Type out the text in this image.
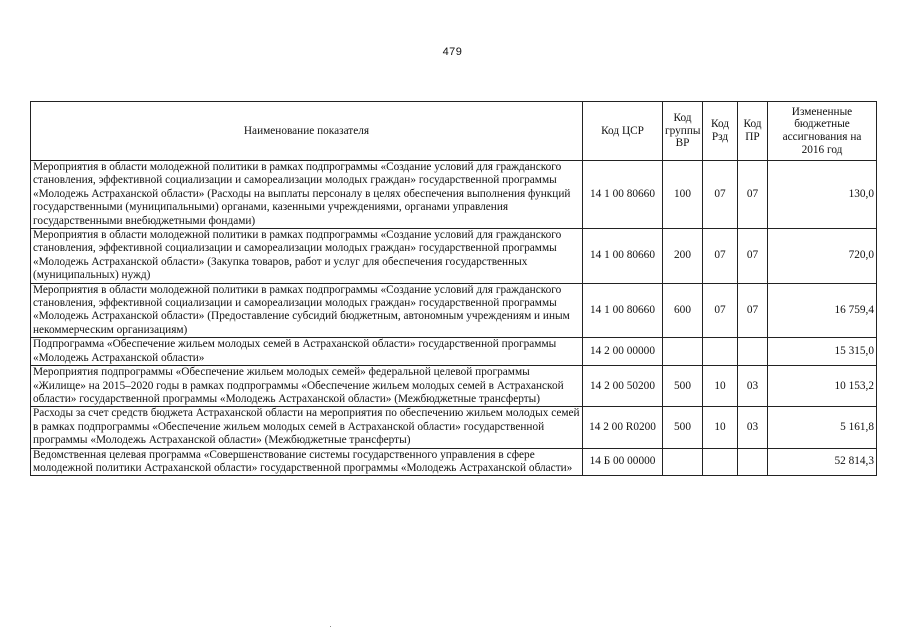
479
Наименование показателя	Код ЦСР	Код группы ВР	Код Рзд	Код ПР	Измененные бюджетные ассигнования на 2016 год
Мероприятия в области молодежной политики в рамках подпрограммы «Создание условий для гражданского становления, эффективной социализации и самореализации молодых граждан» государственной программы «Молодежь Астраханской области» (Расходы на выплаты персоналу в целях обеспечения выполнения функций государственными (муниципальными) органами, казенными учреждениями, органами управления государственными внебюджетными фондами)	14 1 00 80660	100	07	07	130,0
Мероприятия в области молодежной политики в рамках подпрограммы «Создание условий для гражданского становления, эффективной социализации и самореализации молодых граждан» государственной программы «Молодежь Астраханской области» (Закупка товаров, работ и услуг для обеспечения государственных (муниципальных) нужд)	14 1 00 80660	200	07	07	720,0
Мероприятия в области молодежной политики в рамках подпрограммы «Создание условий для гражданского становления, эффективной социализации и самореализации молодых граждан» государственной программы «Молодежь Астраханской области» (Предоставление субсидий бюджетным, автономным учреждениям и иным некоммерческим организациям)	14 1 00 80660	600	07	07	16 759,4
Подпрограмма «Обеспечение жильем молодых семей в Астраханской области» государственной программы «Молодежь Астраханской области»	14 2 00 00000				15 315,0
Мероприятия подпрограммы «Обеспечение жильем молодых семей» федеральной целевой программы «Жилище» на 2015–2020 годы в рамках подпрограммы «Обеспечение жильем молодых семей в Астраханской области» государственной программы «Молодежь Астраханской области» (Межбюджетные трансферты)	14 2 00 50200	500	10	03	10 153,2
Расходы за счет средств бюджета Астраханской области на мероприятия по обеспечению жильем молодых семей в рамках подпрограммы «Обеспечение жильем молодых семей в Астраханской области» государственной программы «Молодежь Астраханской области» (Межбюджетные трансферты)	14 2 00 R0200	500	10	03	5 161,8
Ведомственная целевая программа «Совершенствование системы государственного управления в сфере молодежной политики Астраханской области» государственной программы «Молодежь Астраханской области»	14 Б 00 00000				52 814,3
